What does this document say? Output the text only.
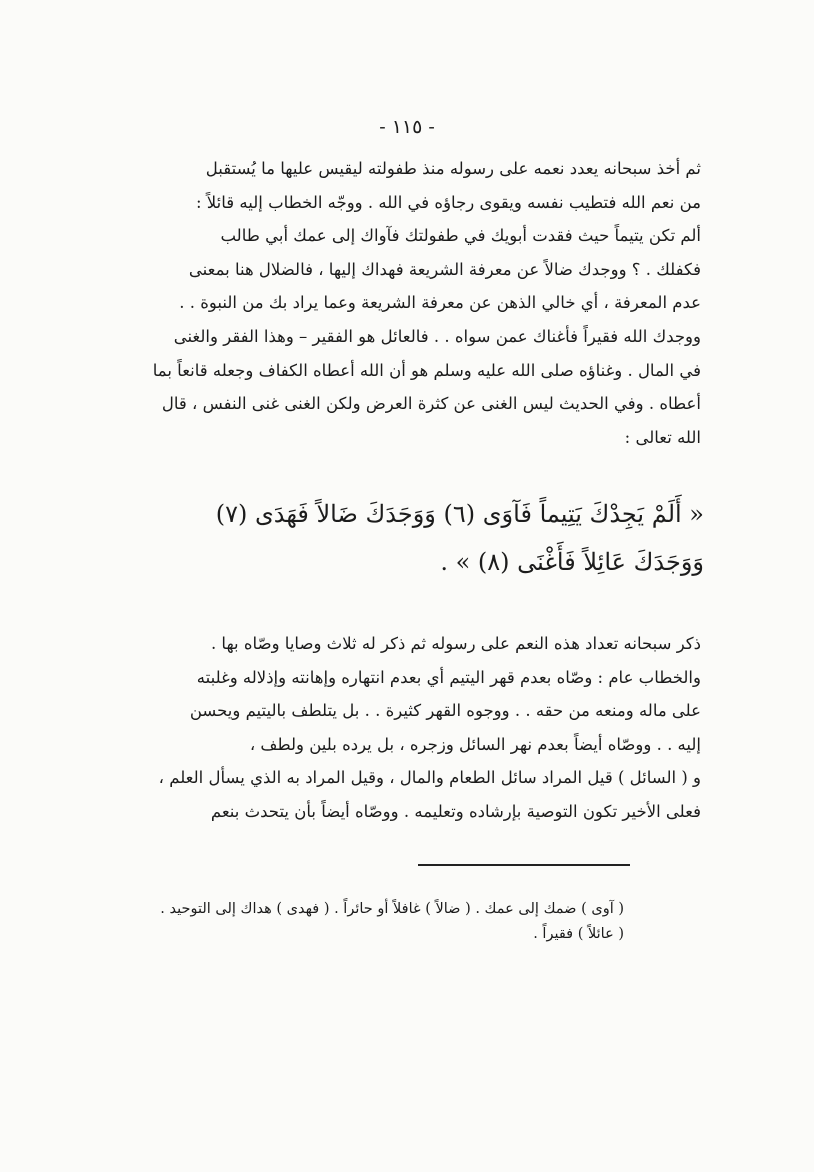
- ١١٥ -
ثم أخذ سبحانه يعدد نعمه على رسوله منذ طفولته ليقيس عليها ما يُستقبل
من نعم الله فتطيب نفسه ويقوى رجاؤه في الله . ووجّه الخطاب إليه قائلاً :
ألم تكن يتيماً حيث فقدت أبويك في طفولتك فآواك إلى عمك أبي طالب
فكفلك . ؟ ووجدك ضالاً عن معرفة الشريعة فهداك إليها ، فالضلال هنا بمعنى
عدم المعرفة ، أي خالي الذهن عن معرفة الشريعة وعما يراد بك من النبوة . .
ووجدك الله فقيراً فأغناك عمن سواه . . فالعائل هو الفقير – وهذا الفقر والغنى
في المال . وغناؤه صلى الله عليه وسلم هو أن الله أعطاه الكفاف وجعله قانعاً بما
أعطاه . وفي الحديث ليس الغنى عن كثرة العرض ولكن الغنى غنى النفس ، قال
الله تعالى :
« أَلَمْ يَجِدْكَ يَتِيماً فَآوَى (٦) وَوَجَدَكَ ضَالاً فَهَدَى (٧)
وَوَجَدَكَ عَائِلاً فَأَغْنَى (٨) » .
ذكر سبحانه تعداد هذه النعم على رسوله ثم ذكر له ثلاث وصايا وصّاه بها .
والخطاب عام : وصّاه بعدم قهر اليتيم أي بعدم انتهاره وإهانته وإذلاله وغلبته
على ماله ومنعه من حقه . . ووجوه القهر كثيرة . . بل يتلطف باليتيم ويحسن
إليه . . ووصّاه أيضاً بعدم نهر السائل وزجره ، بل يرده بلين ولطف ،
و ( السائل ) قيل المراد سائل الطعام والمال ، وقيل المراد به الذي يسأل العلم ،
فعلى الأخير تكون التوصية بإرشاده وتعليمه . ووصّاه أيضاً بأن يتحدث بنعم
( آوى ) ضمك إلى عمك . ( ضالاً ) غافلاً أو حائراً . ( فهدى ) هداك إلى التوحيد .
( عائلاً ) فقيراً .
